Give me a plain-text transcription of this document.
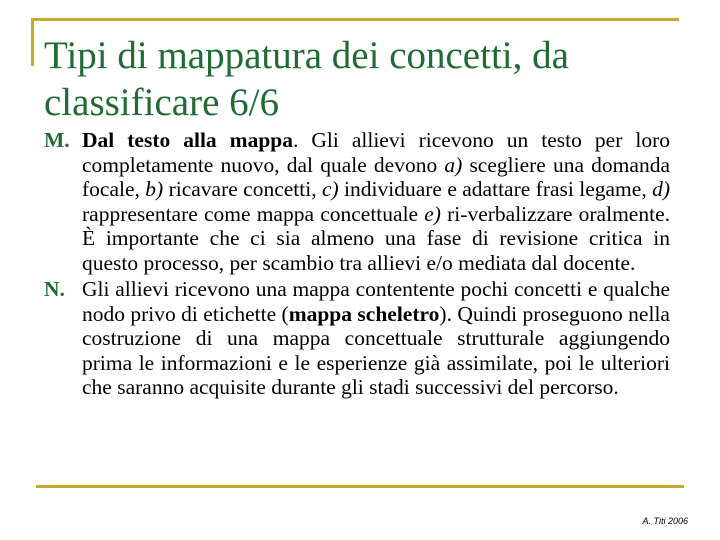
Tipi di mappatura dei concetti, da classificare 6/6
M. Dal testo alla mappa. Gli allievi ricevono un testo per loro completamente nuovo, dal quale devono a) scegliere una domanda focale, b) ricavare concetti, c) individuare e adattare frasi legame, d) rappresentare come mappa concettuale e) ri-verbalizzare oralmente. È importante che ci sia almeno una fase di revisione critica in questo processo, per scambio tra allievi e/o mediata dal docente.
N. Gli allievi ricevono una mappa contentente pochi concetti e qualche nodo privo di etichette (mappa scheletro). Quindi proseguono nella costruzione di una mappa concettuale strutturale aggiungendo prima le informazioni e le esperienze già assimilate, poi le ulteriori che saranno acquisite durante gli stadi successivi del percorso.
A. Titi 2006
